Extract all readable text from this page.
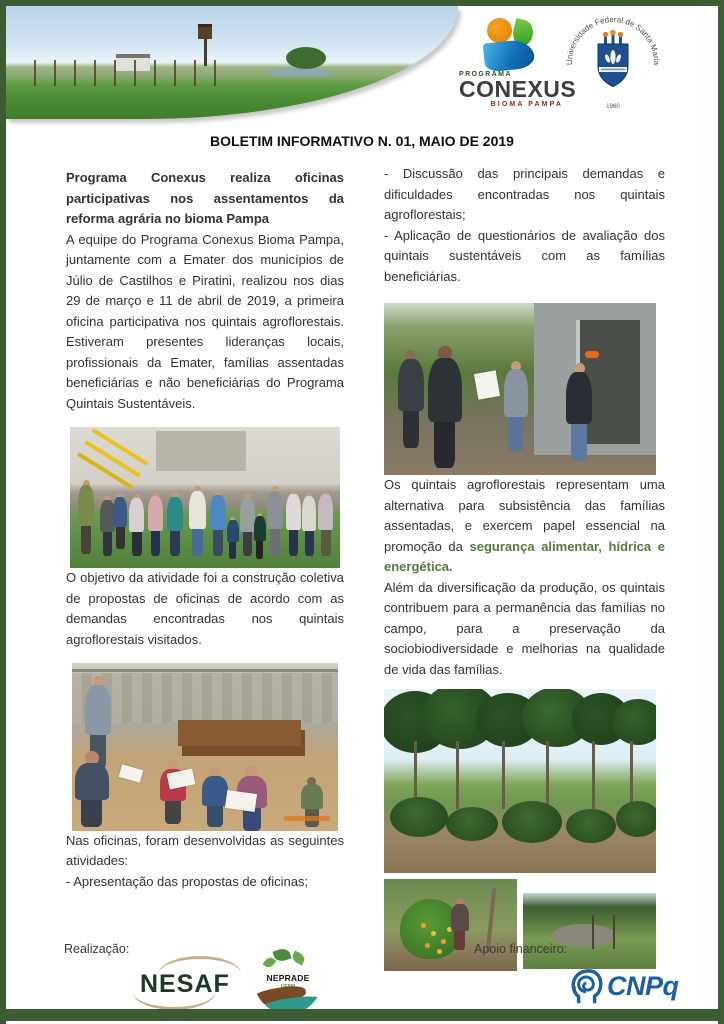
PROGRAMA
CONEXUS
BIOMA PAMPA
Universidade Federal de Santa Maria
1960
BOLETIM INFORMATIVO N. 01, MAIO DE 2019

Programa Conexus realiza oficinas participativas nos assentamentos da reforma agrária no bioma Pampa

A equipe do Programa Conexus Bioma Pampa, juntamente com a Emater dos municípios de Júlio de Castilhos e Piratini, realizou nos dias 29 de março e 11 de abril de 2019, a primeira oficina participativa nos quintais agroflorestais. Estiveram presentes lideranças locais, profissionais da Emater, famílias assentadas beneficiárias e não beneficiárias do Programa Quintais Sustentáveis.

O objetivo da atividade foi a construção coletiva de propostas de oficinas de acordo com as demandas encontradas nos quintais agroflorestais visitados.

Nas oficinas, foram desenvolvidas as seguintes atividades:

- Apresentação das propostas de oficinas;

- Discussão das principais demandas e dificuldades encontradas nos quintais agroflorestais;

- Aplicação de questionários de avaliação dos quintais sustentáveis com as famílias beneficiárias.

Os quintais agroflorestais representam uma alternativa para subsistência das famílias assentadas, e exercem papel essencial na promoção da segurança alimentar, hídrica e energética.

Além da diversificação da produção, os quintais contribuem para a permanência das famílias no campo, para a preservação da sociobiodiversidade e melhorias na qualidade de vida das famílias.

Realização:
NESAF	NEPRADE
Apoio financeiro:
CNPq
